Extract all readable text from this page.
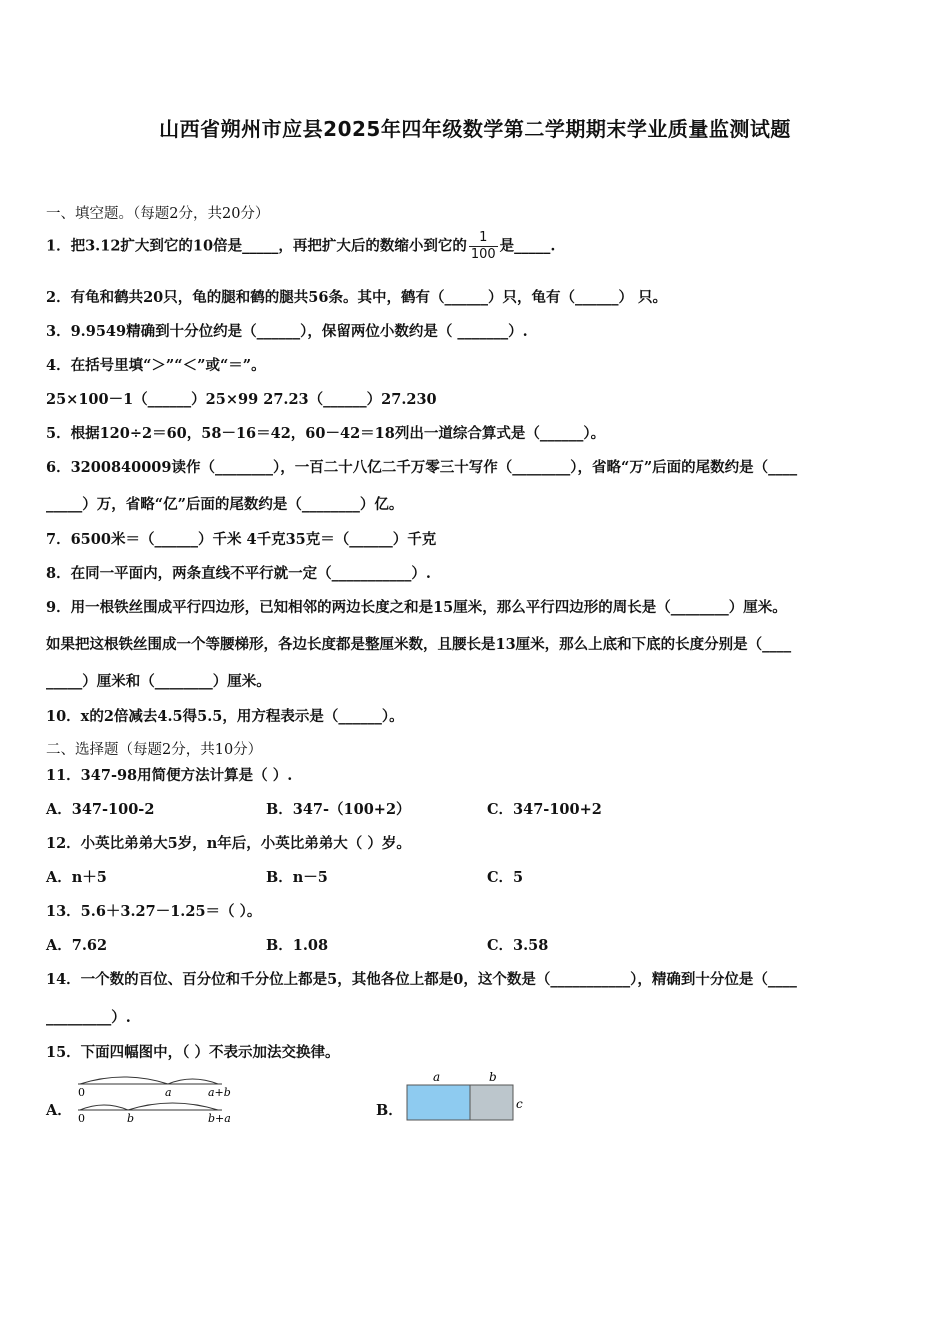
山西省朔州市应县2025年四年级数学第二学期期末学业质量监测试题
一、填空题。（每题2分，共20分）
1．把3.12扩大到它的10倍是_____，再把扩大后的数缩小到它的 $\frac{1}{100}$ 是_____.
2．有龟和鹤共20只，龟的腿和鹤的腿共56条。其中，鹤有（______）只，龟有（______） 只。
3．9.9549精确到十分位约是（______），保留两位小数约是（ _______）.
4．在括号里填“＞”“＜”或“＝”。
25×100－1（______）25×99 27.23（______）27.230
5．根据120÷2＝60，58－16＝42，60－42＝18列出一道综合算式是（______）。
6．3200840009读作（________），一百二十八亿二千万零三十写作（________），省略“万”后面的尾数约是（____
_____）万，省略“亿”后面的尾数约是（________）亿。
7．6500米＝（______）千米 4千克35克＝（______）千克
8．在同一平面内，两条直线不平行就一定（___________）.
9．用一根铁丝围成平行四边形，已知相邻的两边长度之和是15厘米，那么平行四边形的周长是（________）厘米。
如果把这根铁丝围成一个等腰梯形，各边长度都是整厘米数，且腰长是13厘米，那么上底和下底的长度分别是（____
_____）厘米和（________）厘米。
10．x的2倍减去4.5得5.5，用方程表示是（______）。
二、选择题（每题2分，共10分）
11．347-98用简便方法计算是（ ）.
A．347-100-2	B．347-（100+2）	C．347-100+2
12．小英比弟弟大5岁，n年后，小英比弟弟大（ ）岁。
A．n＋5	B．n－5	C．5
13．5.6＋3.27－1.25＝（ ）。
A．7.62	B．1.08	C．3.58
14．一个数的百位、百分位和千分位上都是5，其他各位上都是0，这个数是（___________），精确到十分位是（____
_________）.
15．下面四幅图中，（ ）不表示加法交换律。
A．
0	a	a+b
0	b	b+a	B．
a	b
c
